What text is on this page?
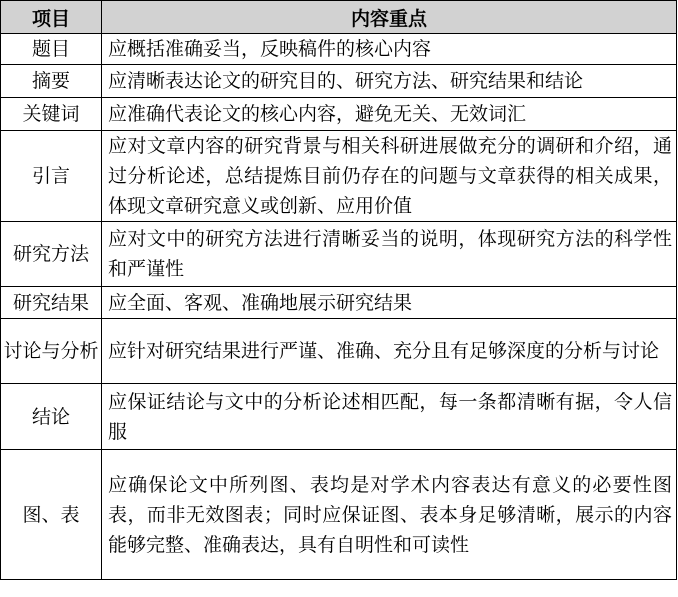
项目	内容重点
题目	应概括准确妥当，反映稿件的核心内容
摘要	应清晰表达论文的研究目的、研究方法、研究结果和结论
关键词	应准确代表论文的核心内容，避免无关、无效词汇
引言	应对文章内容的研究背景与相关科研进展做充分的调研和介绍，通过分析论述，总结提炼目前仍存在的问题与文章获得的相关成果，体现文章研究意义或创新、应用价值
研究方法	应对文中的研究方法进行清晰妥当的说明，体现研究方法的科学性和严谨性
研究结果	应全面、客观、准确地展示研究结果
讨论与分析	应针对研究结果进行严谨、准确、充分且有足够深度的分析与讨论
结论	应保证结论与文中的分析论述相匹配，每一条都清晰有据，令人信服
图、表	应确保论文中所列图、表均是对学术内容表达有意义的必要性图表，而非无效图表；同时应保证图、表本身足够清晰，展示的内容能够完整、准确表达，具有自明性和可读性
